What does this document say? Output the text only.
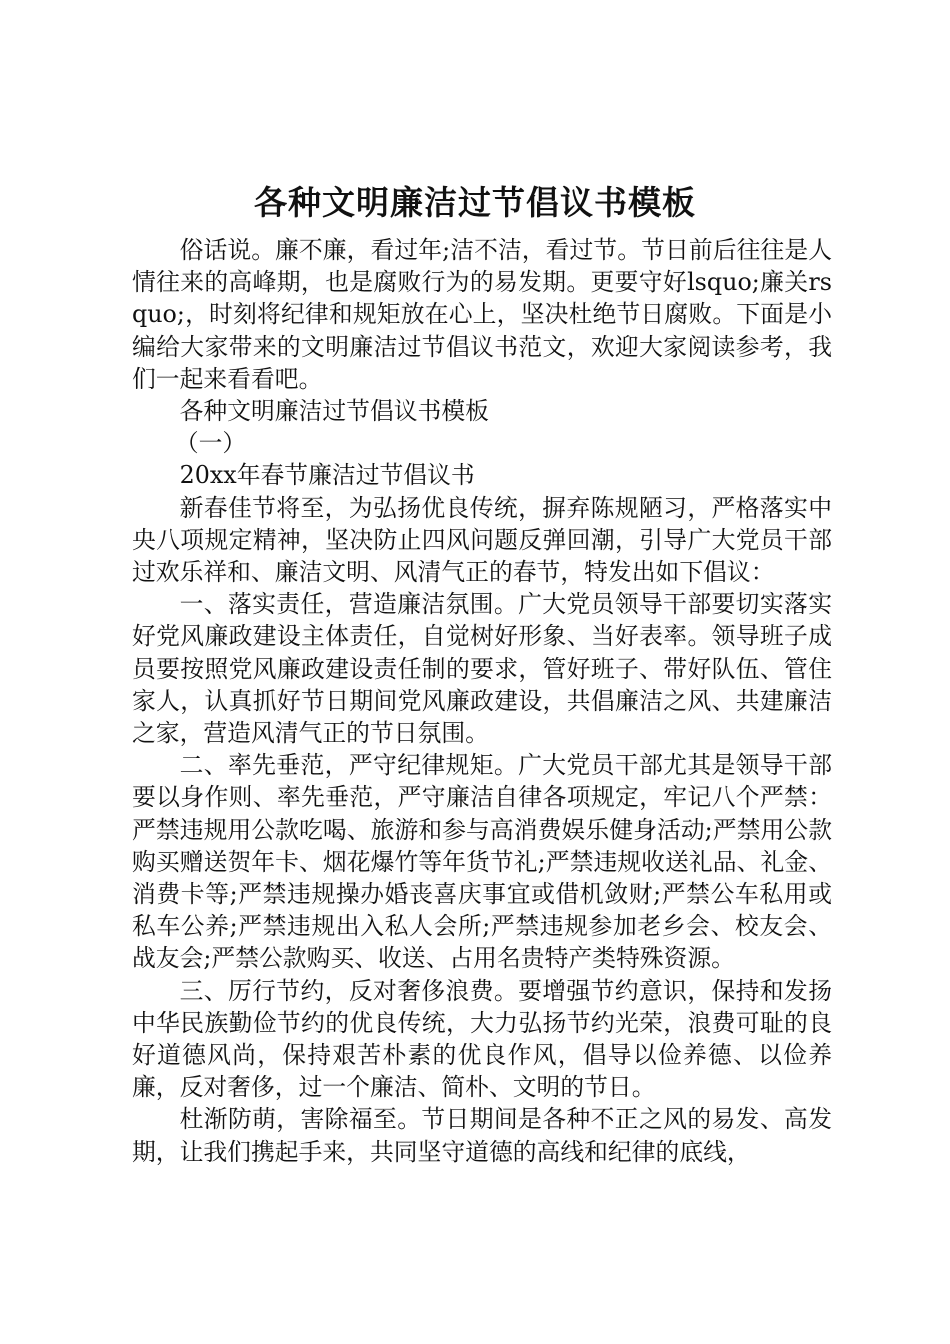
各种文明廉洁过节倡议书模板

俗话说。廉不廉，看过年;洁不洁，看过节。节日前后往往是人情往来的高峰期，也是腐败行为的易发期。更要守好lsquo;廉关rsquo;，时刻将纪律和规矩放在心上，坚决杜绝节日腐败。下面是小编给大家带来的文明廉洁过节倡议书范文，欢迎大家阅读参考，我们一起来看看吧。

各种文明廉洁过节倡议书模板

（一）

20xx年春节廉洁过节倡议书

新春佳节将至，为弘扬优良传统，摒弃陈规陋习，严格落实中央八项规定精神，坚决防止四风问题反弹回潮，引导广大党员干部过欢乐祥和、廉洁文明、风清气正的春节，特发出如下倡议：

一、落实责任，营造廉洁氛围。广大党员领导干部要切实落实好党风廉政建设主体责任，自觉树好形象、当好表率。领导班子成员要按照党风廉政建设责任制的要求，管好班子、带好队伍、管住家人，认真抓好节日期间党风廉政建设，共倡廉洁之风、共建廉洁之家，营造风清气正的节日氛围。

二、率先垂范，严守纪律规矩。广大党员干部尤其是领导干部要以身作则、率先垂范，严守廉洁自律各项规定，牢记八个严禁：严禁违规用公款吃喝、旅游和参与高消费娱乐健身活动;严禁用公款购买赠送贺年卡、烟花爆竹等年货节礼;严禁违规收送礼品、礼金、消费卡等;严禁违规操办婚丧喜庆事宜或借机敛财;严禁公车私用或私车公养;严禁违规出入私人会所;严禁违规参加老乡会、校友会、战友会;严禁公款购买、收送、占用名贵特产类特殊资源。

三、厉行节约，反对奢侈浪费。要增强节约意识，保持和发扬中华民族勤俭节约的优良传统，大力弘扬节约光荣，浪费可耻的良好道德风尚，保持艰苦朴素的优良作风，倡导以俭养德、以俭养廉，反对奢侈，过一个廉洁、简朴、文明的节日。

杜渐防萌，害除福至。节日期间是各种不正之风的易发、高发期，让我们携起手来，共同坚守道德的高线和纪律的底线，
